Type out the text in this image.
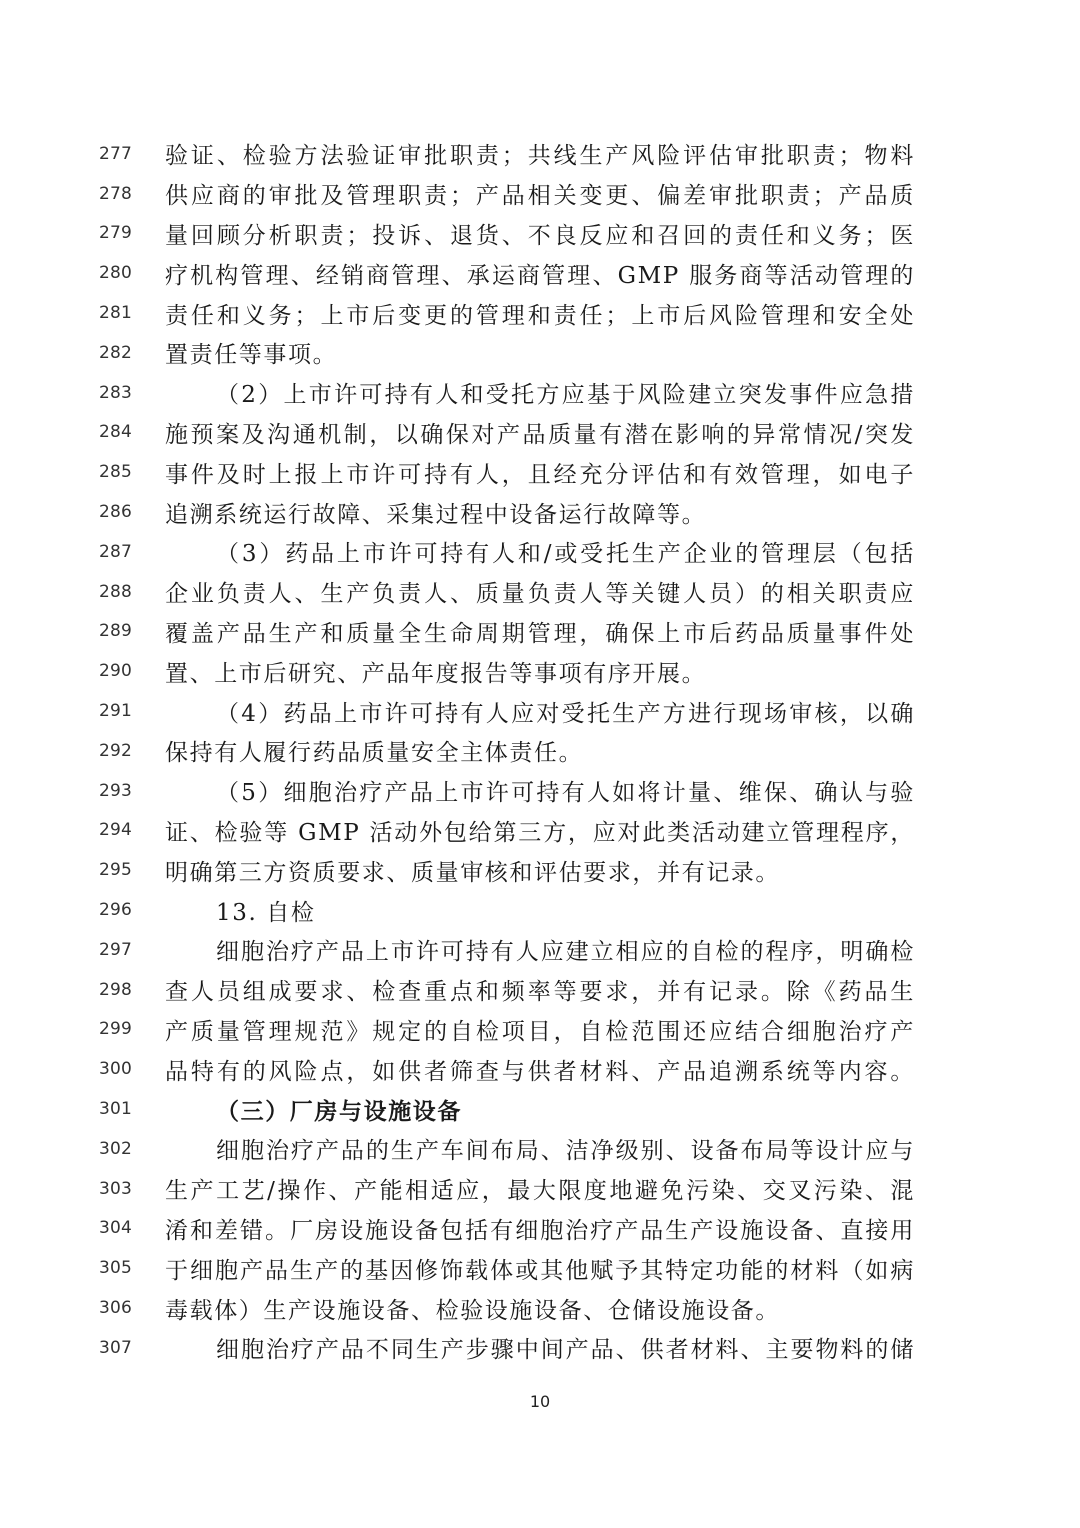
277 验证、检验方法验证审批职责；共线生产风险评估审批职责；物料
278 供应商的审批及管理职责；产品相关变更、偏差审批职责；产品质
279 量回顾分析职责；投诉、退货、不良反应和召回的责任和义务；医
280 疗机构管理、经销商管理、承运商管理、GMP 服务商等活动管理的
281 责任和义务；上市后变更的管理和责任；上市后风险管理和安全处
282 置责任等事项。
283	（2）上市许可持有人和受托方应基于风险建立突发事件应急措
284 施预案及沟通机制，以确保对产品质量有潜在影响的异常情况/突发
285 事件及时上报上市许可持有人，且经充分评估和有效管理，如电子
286 追溯系统运行故障、采集过程中设备运行故障等。
287	（3）药品上市许可持有人和/或受托生产企业的管理层（包括
288 企业负责人、生产负责人、质量负责人等关键人员）的相关职责应
289 覆盖产品生产和质量全生命周期管理，确保上市后药品质量事件处
290 置、上市后研究、产品年度报告等事项有序开展。
291	（4）药品上市许可持有人应对受托生产方进行现场审核，以确
292 保持有人履行药品质量安全主体责任。
293	（5）细胞治疗产品上市许可持有人如将计量、维保、确认与验
294 证、检验等 GMP 活动外包给第三方，应对此类活动建立管理程序，
295 明确第三方资质要求、质量审核和评估要求，并有记录。
296	13. 自检
297	细胞治疗产品上市许可持有人应建立相应的自检的程序，明确检
298 查人员组成要求、检查重点和频率等要求，并有记录。除《药品生
299 产质量管理规范》规定的自检项目，自检范围还应结合细胞治疗产
300 品特有的风险点，如供者筛查与供者材料、产品追溯系统等内容。
301	（三）厂房与设施设备
302	细胞治疗产品的生产车间布局、洁净级别、设备布局等设计应与
303 生产工艺/操作、产能相适应，最大限度地避免污染、交叉污染、混
304 淆和差错。厂房设施设备包括有细胞治疗产品生产设施设备、直接用
305 于细胞产品生产的基因修饰载体或其他赋予其特定功能的材料（如病
306 毒载体）生产设施设备、检验设施设备、仓储设施设备。
307	细胞治疗产品不同生产步骤中间产品、供者材料、主要物料的储
10
